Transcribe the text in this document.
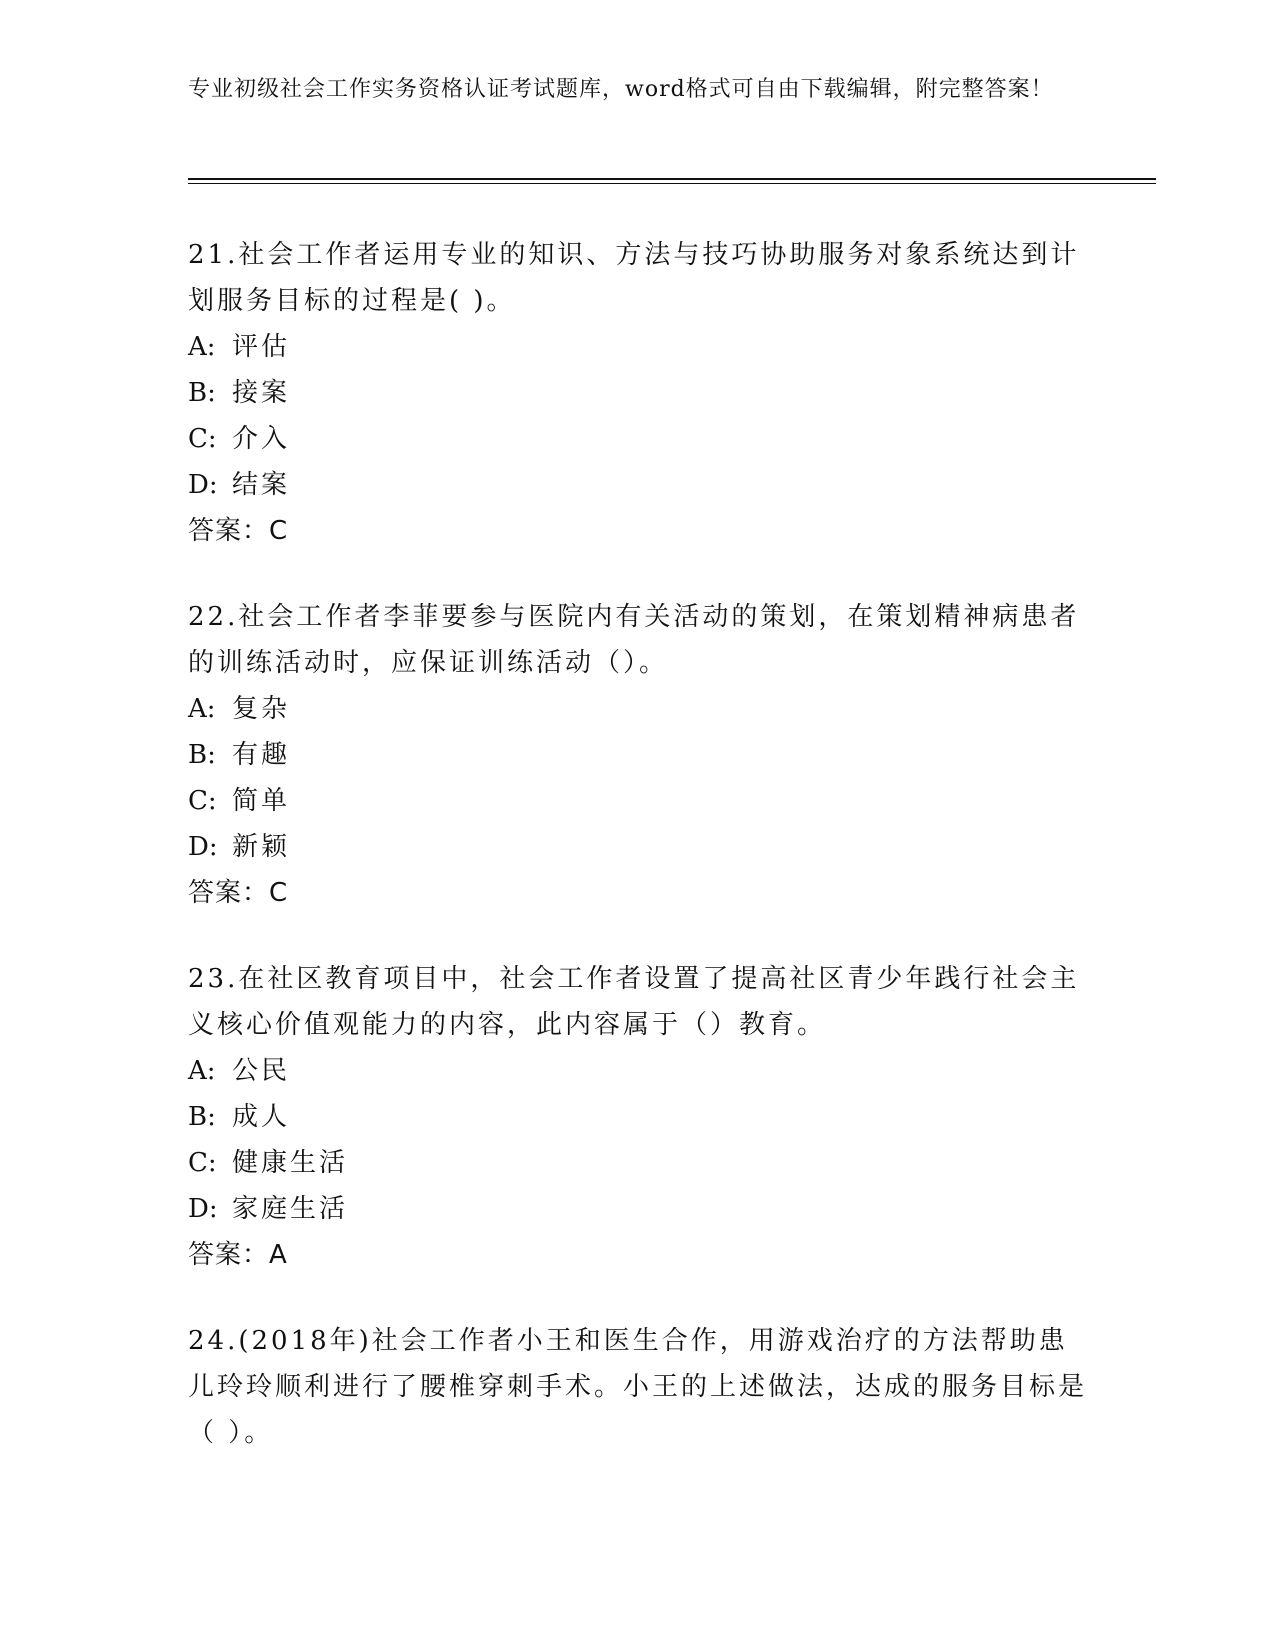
专业初级社会工作实务资格认证考试题库，word格式可自由下载编辑，附完整答案！
21.社会工作者运用专业的知识、方法与技巧协助服务对象系统达到计划服务目标的过程是( )。
A: 评估
B: 接案
C: 介入
D: 结案
答案：C
22.社会工作者李菲要参与医院内有关活动的策划，在策划精神病患者的训练活动时，应保证训练活动（）。
A: 复杂
B: 有趣
C: 简单
D: 新颖
答案：C
23.在社区教育项目中，社会工作者设置了提高社区青少年践行社会主义核心价值观能力的内容，此内容属于（）教育。
A: 公民
B: 成人
C: 健康生活
D: 家庭生活
答案：A
24.(2018年)社会工作者小王和医生合作，用游戏治疗的方法帮助患儿玲玲顺利进行了腰椎穿刺手术。小王的上述做法，达成的服务目标是（ ）。
